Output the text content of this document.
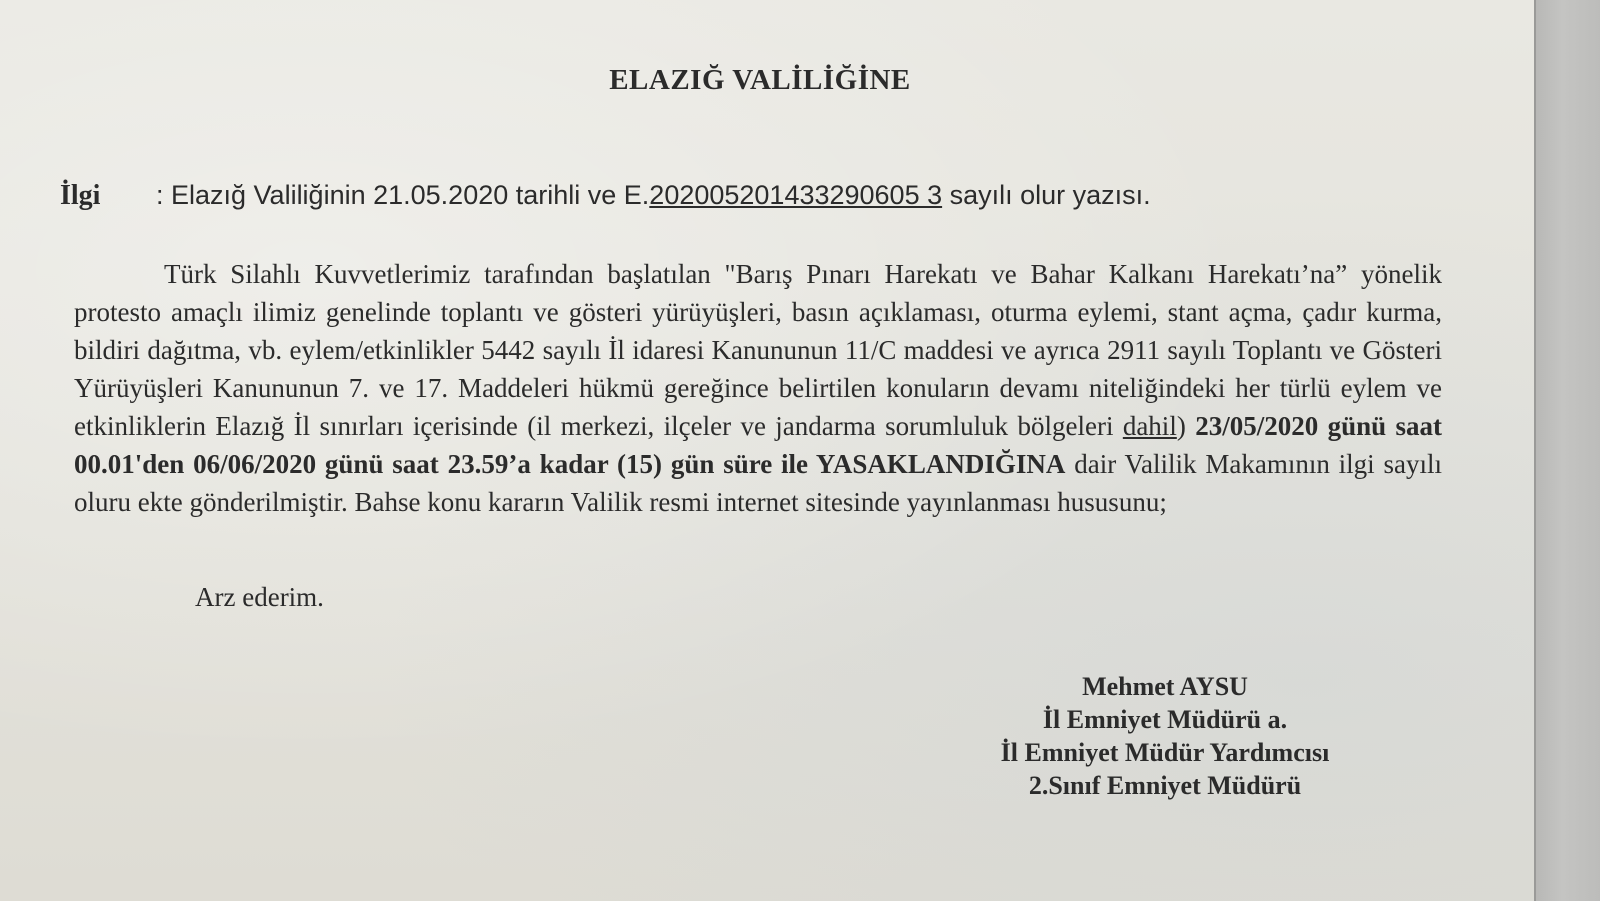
ELAZIĞ VALİLİĞİNE
İlgi : Elazığ Valiliğinin 21.05.2020 tarihli ve E.202005201433290605 3 sayılı olur yazısı.
Türk Silahlı Kuvvetlerimiz tarafından başlatılan "Barış Pınarı Harekatı ve Bahar Kalkanı Harekatı’na” yönelik protesto amaçlı ilimiz genelinde toplantı ve gösteri yürüyüşleri, basın açıklaması, oturma eylemi, stant açma, çadır kurma, bildiri dağıtma, vb. eylem/etkinlikler 5442 sayılı İl idaresi Kanununun 11/C maddesi ve ayrıca 2911 sayılı Toplantı ve Gösteri Yürüyüşleri Kanununun 7. ve 17. Maddeleri hükmü gereğince belirtilen konuların devamı niteliğindeki her türlü eylem ve etkinliklerin Elazığ İl sınırları içerisinde (il merkezi, ilçeler ve jandarma sorumluluk bölgeleri dahil) 23/05/2020 günü saat 00.01'den 06/06/2020 günü saat 23.59’a kadar (15) gün süre ile YASAKLANDIĞINA dair Valilik Makamının ilgi sayılı oluru ekte gönderilmiştir. Bahse konu kararın Valilik resmi internet sitesinde yayınlanması hususunu;
Arz ederim.
Mehmet AYSU
İl Emniyet Müdürü a.
İl Emniyet Müdür Yardımcısı
2.Sınıf Emniyet Müdürü
